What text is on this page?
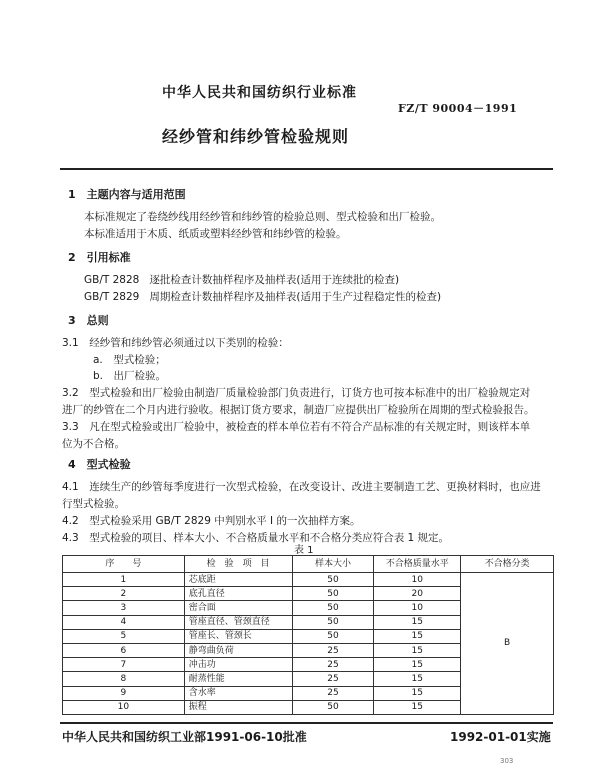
中华人民共和国纺织行业标准
FZ/T 90004－1991
经纱管和纬纱管检验规则
1　主题内容与适用范围
本标准规定了卷绕纱线用经纱管和纬纱管的检验总则、型式检验和出厂检验。
本标准适用于木质、纸质或塑料经纱管和纬纱管的检验。
2　引用标准
GB/T 2828 逐批检查计数抽样程序及抽样表(适用于连续批的检查)
GB/T 2829 周期检查计数抽样程序及抽样表(适用于生产过程稳定性的检查)
3　总则
3.1　经纱管和纬纱管必须通过以下类别的检验：
a.　型式检验；
b.　出厂检验。
3.2　型式检验和出厂检验由制造厂质量检验部门负责进行，订货方也可按本标准中的出厂检验规定对
进厂的纱管在二个月内进行验收。根据订货方要求，制造厂应提供出厂检验所在周期的型式检验报告。
3.3　凡在型式检验或出厂检验中，被检查的样本单位若有不符合产品标准的有关规定时，则该样本单
位为不合格。
4　型式检验
4.1　连续生产的纱管每季度进行一次型式检验，在改变设计、改进主要制造工艺、更换材料时，也应进
行型式检验。
4.2　型式检验采用 GB/T 2829 中判别水平 Ⅰ 的一次抽样方案。
4.3　型式检验的项目、样本大小、不合格质量水平和不合格分类应符合表 1 规定。
表 1
序　　号	检　验　项　目	样本大小	不合格质量水平	不合格分类
1	芯底距	50	10	B
2	底孔直径	50	20	
3	密合面	50	10	
4	管座直径、管颈直径	50	15	
5	管座长、管颈长	50	15	
6	静弯曲负荷	25	15	
7	冲击功	25	15	
8	耐蒸性能	25	15	
9	含水率	25	15	
10	振程	50	15	
中华人民共和国纺织工业部1991-06-10批准	1992-01-01实施
303
